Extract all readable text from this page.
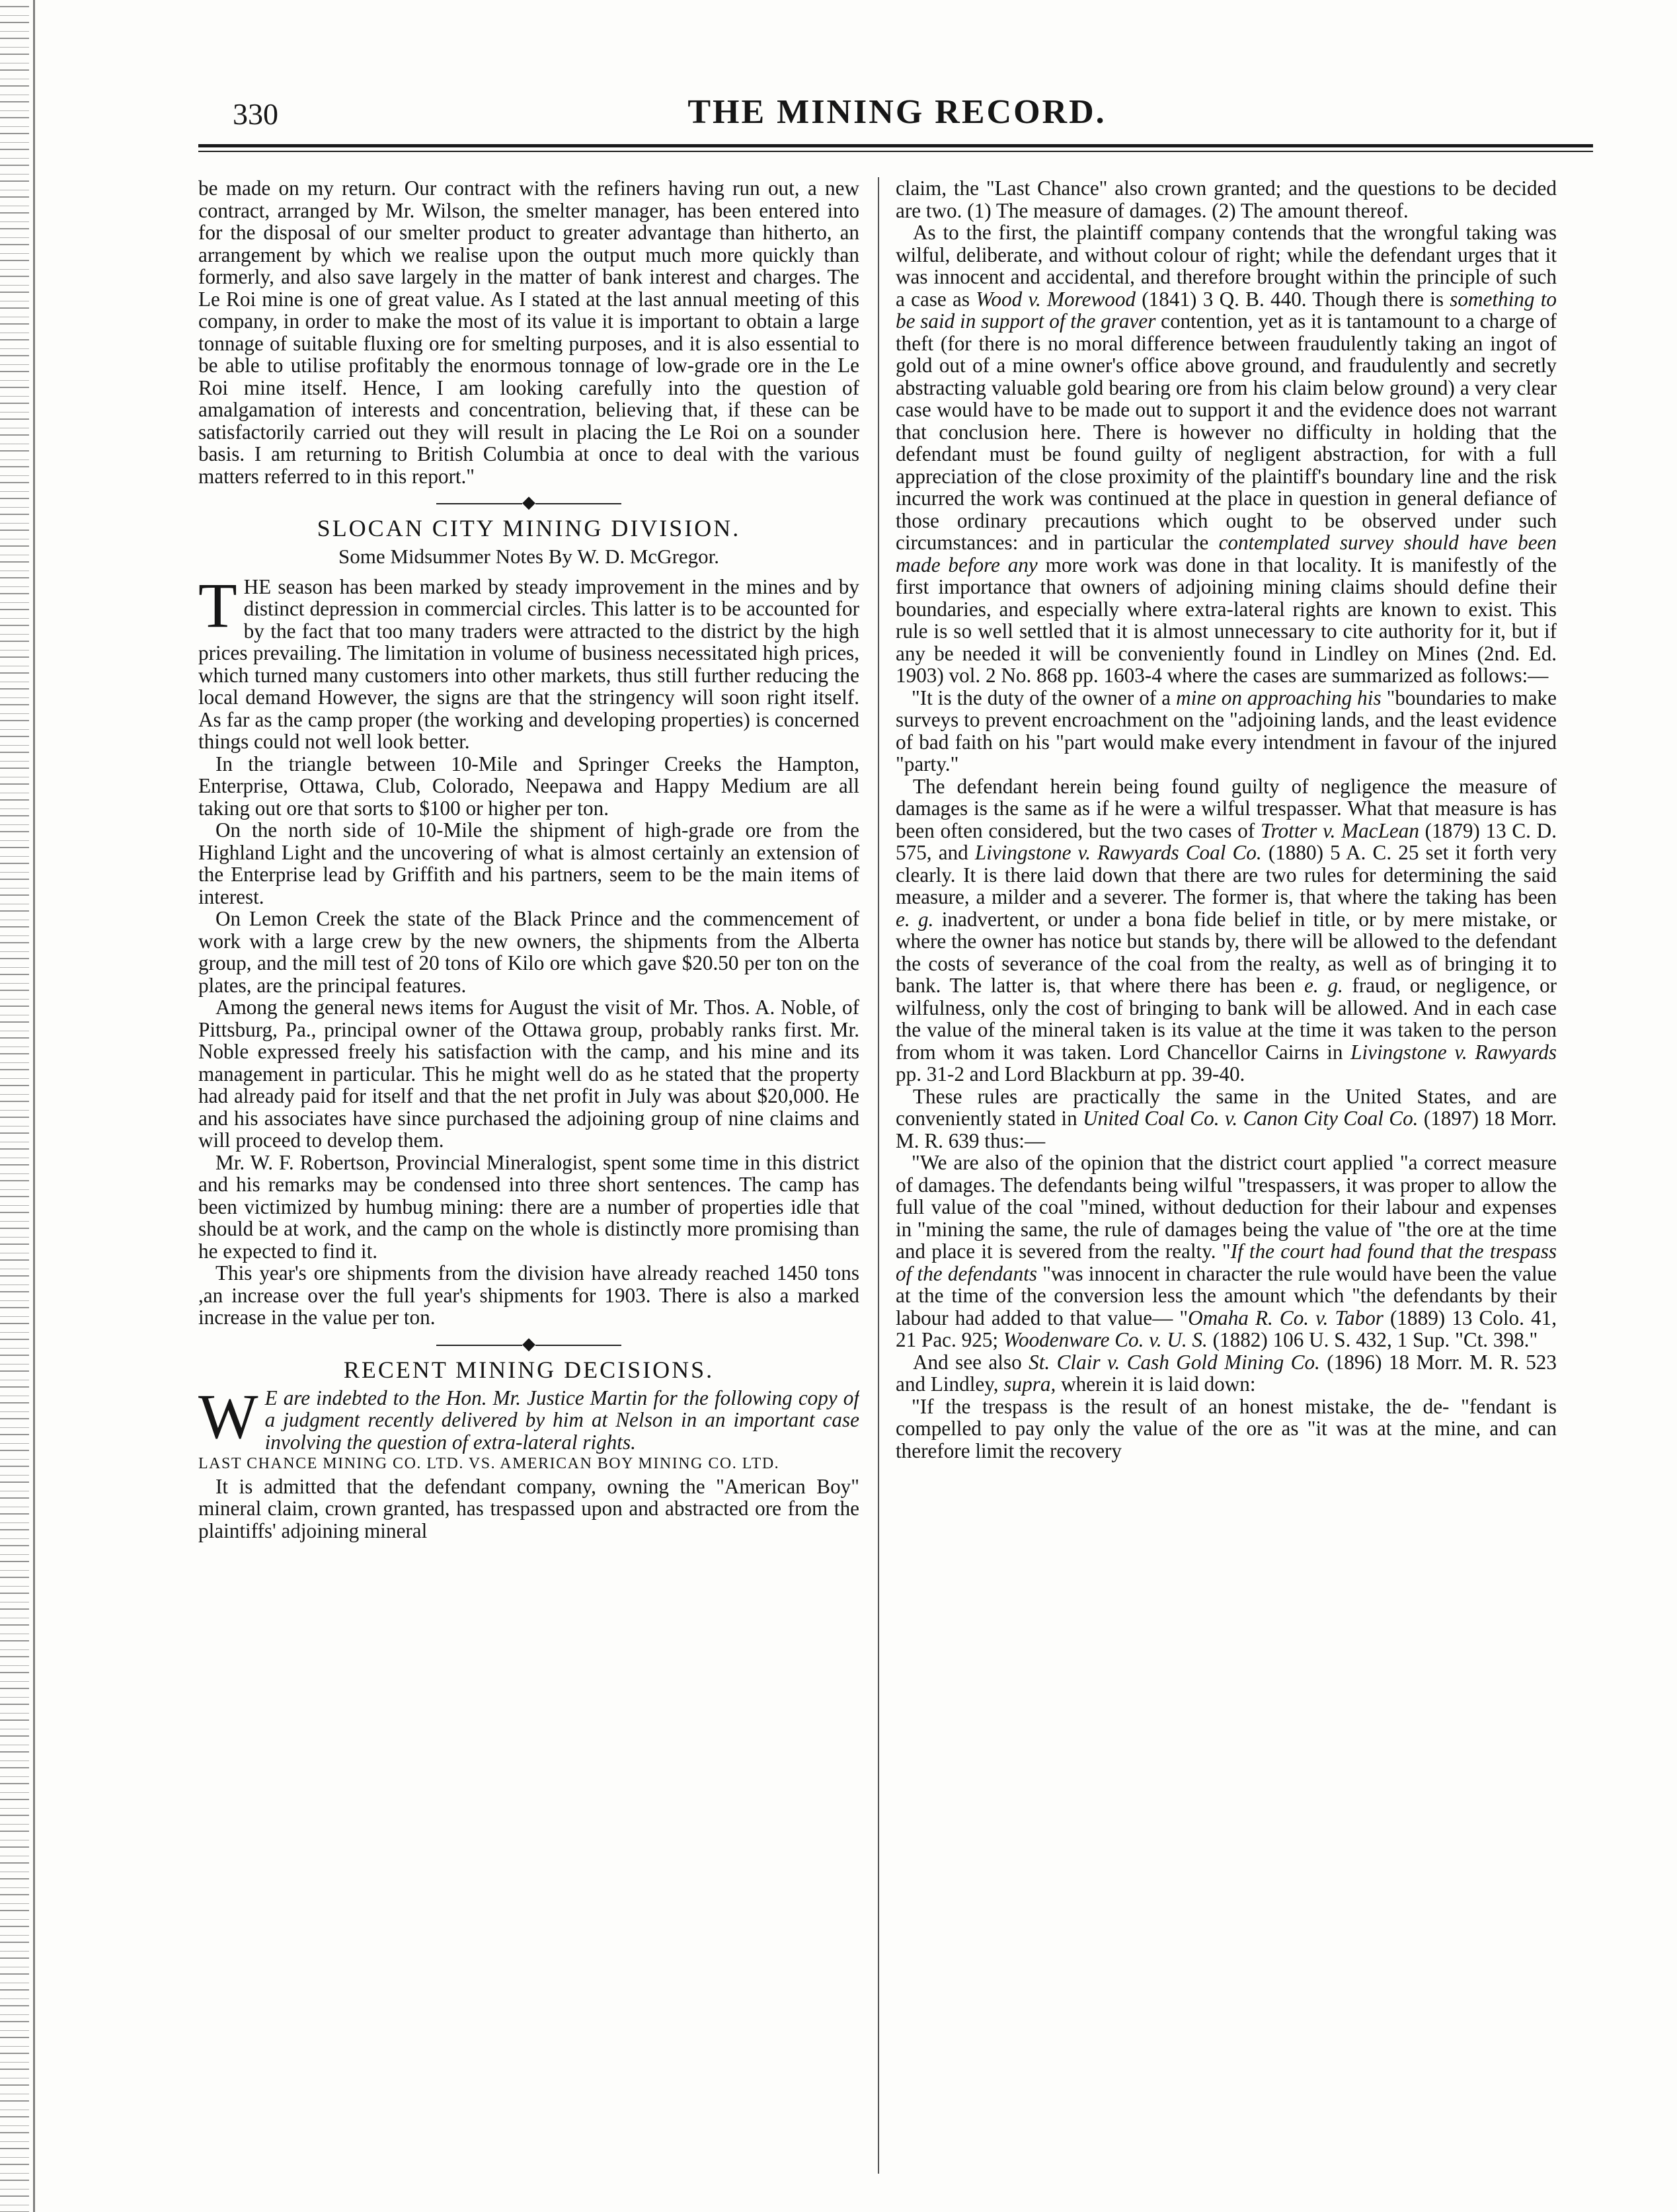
330	THE MINING RECORD.

be made on my return. Our contract with the refiners having run out, a new contract, arranged by Mr. Wilson, the smelter manager, has been entered into for the disposal of our smelter product to greater advantage than hitherto, an arrangement by which we realise upon the output much more quickly than formerly, and also save largely in the matter of bank interest and charges. The Le Roi mine is one of great value. As I stated at the last annual meeting of this company, in order to make the most of its value it is important to obtain a large tonnage of suitable fluxing ore for smelting purposes, and it is also essential to be able to utilise profitably the enormous tonnage of low-grade ore in the Le Roi mine itself. Hence, I am looking carefully into the question of amalgamation of interests and concentration, believing that, if these can be satisfactorily carried out they will result in placing the Le Roi on a sounder basis. I am returning to British Columbia at once to deal with the various matters referred to in this report."

◆
SLOCAN CITY MINING DIVISION.
Some Midsummer Notes By W. D. McGregor.

THE season has been marked by steady improvement in the mines and by distinct depression in commercial circles. This latter is to be accounted for by the fact that too many traders were attracted to the district by the high prices prevailing. The limitation in volume of business necessitated high prices, which turned many customers into other markets, thus still further reducing the local demand However, the signs are that the stringency will soon right itself. As far as the camp proper (the working and developing properties) is concerned things could not well look better.

In the triangle between 10-Mile and Springer Creeks the Hampton, Enterprise, Ottawa, Club, Colorado, Neepawa and Happy Medium are all taking out ore that sorts to $100 or higher per ton.

On the north side of 10-Mile the shipment of high-grade ore from the Highland Light and the uncovering of what is almost certainly an extension of the Enterprise lead by Griffith and his partners, seem to be the main items of interest.

On Lemon Creek the state of the Black Prince and the commencement of work with a large crew by the new owners, the shipments from the Alberta group, and the mill test of 20 tons of Kilo ore which gave $20.50 per ton on the plates, are the principal features.

Among the general news items for August the visit of Mr. Thos. A. Noble, of Pittsburg, Pa., principal owner of the Ottawa group, probably ranks first. Mr. Noble expressed freely his satisfaction with the camp, and his mine and its management in particular. This he might well do as he stated that the property had already paid for itself and that the net profit in July was about $20,000. He and his associates have since purchased the adjoining group of nine claims and will proceed to develop them.

Mr. W. F. Robertson, Provincial Mineralogist, spent some time in this district and his remarks may be condensed into three short sentences. The camp has been victimized by humbug mining: there are a number of properties idle that should be at work, and the camp on the whole is distinctly more promising than he expected to find it.

This year's ore shipments from the division have already reached 1450 tons ,an increase over the full year's shipments for 1903. There is also a marked increase in the value per ton.

◆
RECENT MINING DECISIONS.

W E are indebted to the Hon. Mr. Justice Martin for the following copy of a judgment recently delivered by him at Nelson in an important case involving the question of extra-lateral rights.

LAST CHANCE MINING CO. LTD. VS. AMERICAN BOY MINING CO. LTD.

It is admitted that the defendant company, owning the "American Boy" mineral claim, crown granted, has trespassed upon and abstracted ore from the plaintiffs' adjoining mineral

claim, the "Last Chance" also crown granted; and the questions to be decided are two. (1) The measure of damages. (2) The amount thereof.

As to the first, the plaintiff company contends that the wrongful taking was wilful, deliberate, and without colour of right; while the defendant urges that it was innocent and accidental, and therefore brought within the principle of such a case as Wood v. Morewood (1841) 3 Q. B. 440. Though there is something to be said in support of the graver contention, yet as it is tantamount to a charge of theft (for there is no moral difference between fraudulently taking an ingot of gold out of a mine owner's office above ground, and fraudulently and secretly abstracting valuable gold bearing ore from his claim below ground) a very clear case would have to be made out to support it and the evidence does not warrant that conclusion here. There is however no difficulty in holding that the defendant must be found guilty of negligent abstraction, for with a full appreciation of the close proximity of the plaintiff's boundary line and the risk incurred the work was continued at the place in question in general defiance of those ordinary precautions which ought to be observed under such circumstances: and in particular the contemplated survey should have been made before any more work was done in that locality. It is manifestly of the first importance that owners of adjoining mining claims should define their boundaries, and especially where extra-lateral rights are known to exist. This rule is so well settled that it is almost unnecessary to cite authority for it, but if any be needed it will be conveniently found in Lindley on Mines (2nd. Ed. 1903) vol. 2 No. 868 pp. 1603-4 where the cases are summarized as follows:—

"It is the duty of the owner of a mine on approaching his "boundaries to make surveys to prevent encroachment on the "adjoining lands, and the least evidence of bad faith on his "part would make every intendment in favour of the injured "party."

The defendant herein being found guilty of negligence the measure of damages is the same as if he were a wilful trespasser. What that measure is has been often considered, but the two cases of Trotter v. MacLean (1879) 13 C. D. 575, and Livingstone v. Rawyards Coal Co. (1880) 5 A. C. 25 set it forth very clearly. It is there laid down that there are two rules for determining the said measure, a milder and a severer. The former is, that where the taking has been e. g. inadvertent, or under a bona fide belief in title, or by mere mistake, or where the owner has notice but stands by, there will be allowed to the defendant the costs of severance of the coal from the realty, as well as of bringing it to bank. The latter is, that where there has been e. g. fraud, or negligence, or wilfulness, only the cost of bringing to bank will be allowed. And in each case the value of the mineral taken is its value at the time it was taken to the person from whom it was taken. Lord Chancellor Cairns in Livingstone v. Rawyards pp. 31-2 and Lord Blackburn at pp. 39-40.

These rules are practically the same in the United States, and are conveniently stated in United Coal Co. v. Canon City Coal Co. (1897) 18 Morr. M. R. 639 thus:—

"We are also of the opinion that the district court applied "a correct measure of damages. The defendants being wilful "trespassers, it was proper to allow the full value of the coal "mined, without deduction for their labour and expenses in "mining the same, the rule of damages being the value of "the ore at the time and place it is severed from the realty. "If the court had found that the trespass of the defendants "was innocent in character the rule would have been the value at the time of the conversion less the amount which "the defendants by their labour had added to that value— "Omaha R. Co. v. Tabor (1889) 13 Colo. 41, 21 Pac. 925; Woodenware Co. v. U. S. (1882) 106 U. S. 432, 1 Sup. "Ct. 398."

And see also St. Clair v. Cash Gold Mining Co. (1896) 18 Morr. M. R. 523 and Lindley, supra, wherein it is laid down:

"If the trespass is the result of an honest mistake, the de- "fendant is compelled to pay only the value of the ore as "it was at the mine, and can therefore limit the recovery
